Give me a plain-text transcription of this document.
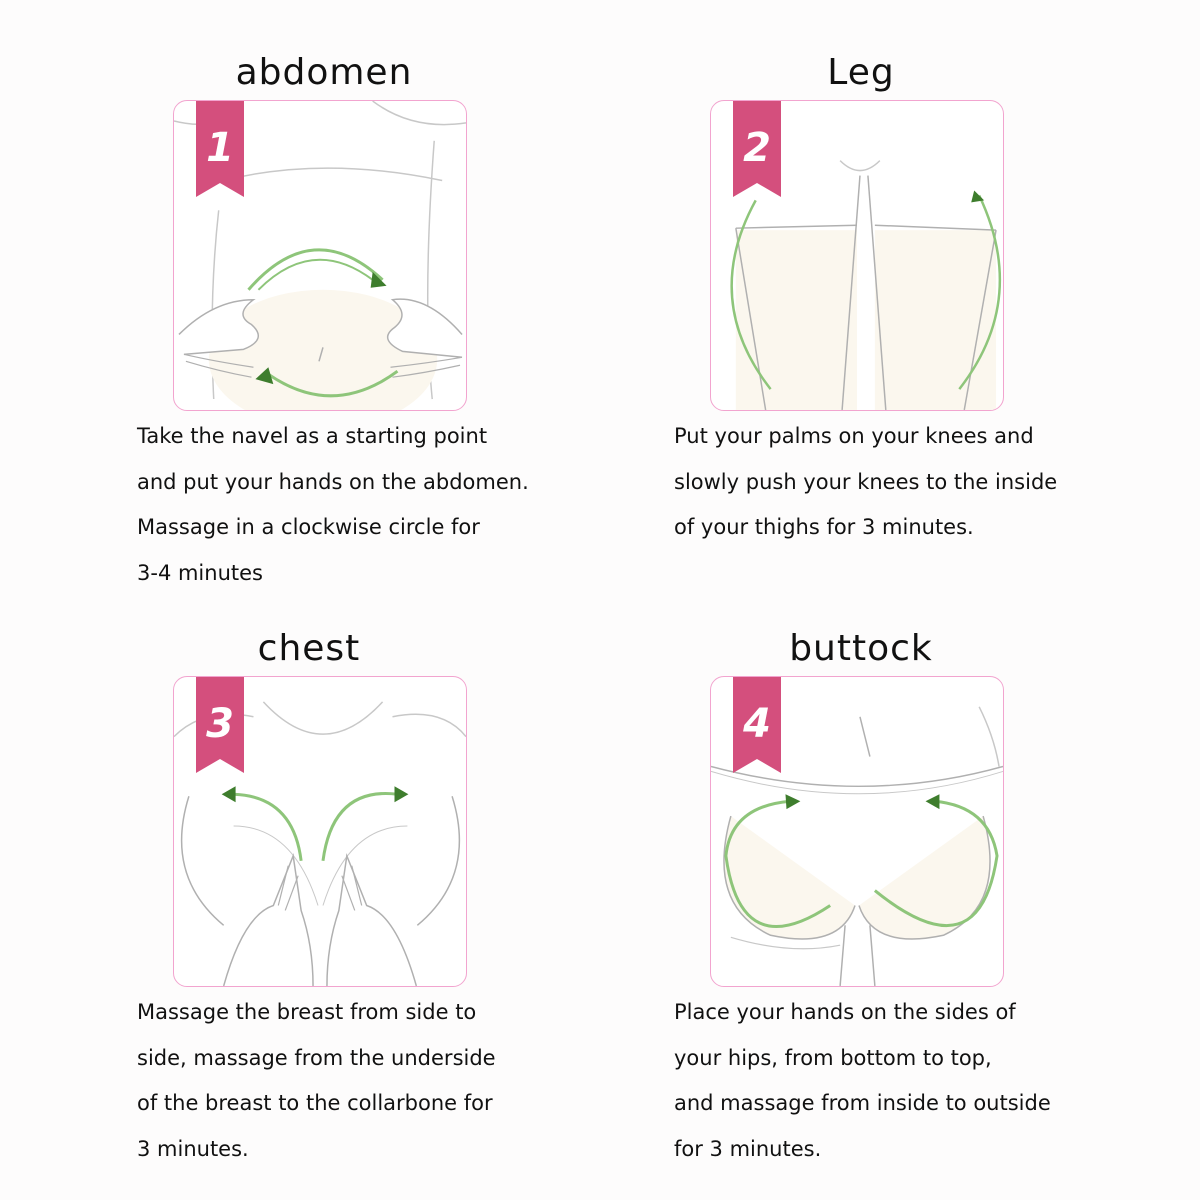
abdomen
1
Take the navel as a starting point
and put your hands on the abdomen.
Massage in a clockwise circle for
3-4 minutes
Leg
2
Put your palms on your knees and
slowly push your knees to the inside
of your thighs for 3 minutes.
chest
3
Massage the breast from side to
side, massage from the underside
of the breast to the collarbone for
3 minutes.
buttock
4
Place your hands on the sides of
your hips, from bottom to top,
and massage from inside to outside
for 3 minutes.
